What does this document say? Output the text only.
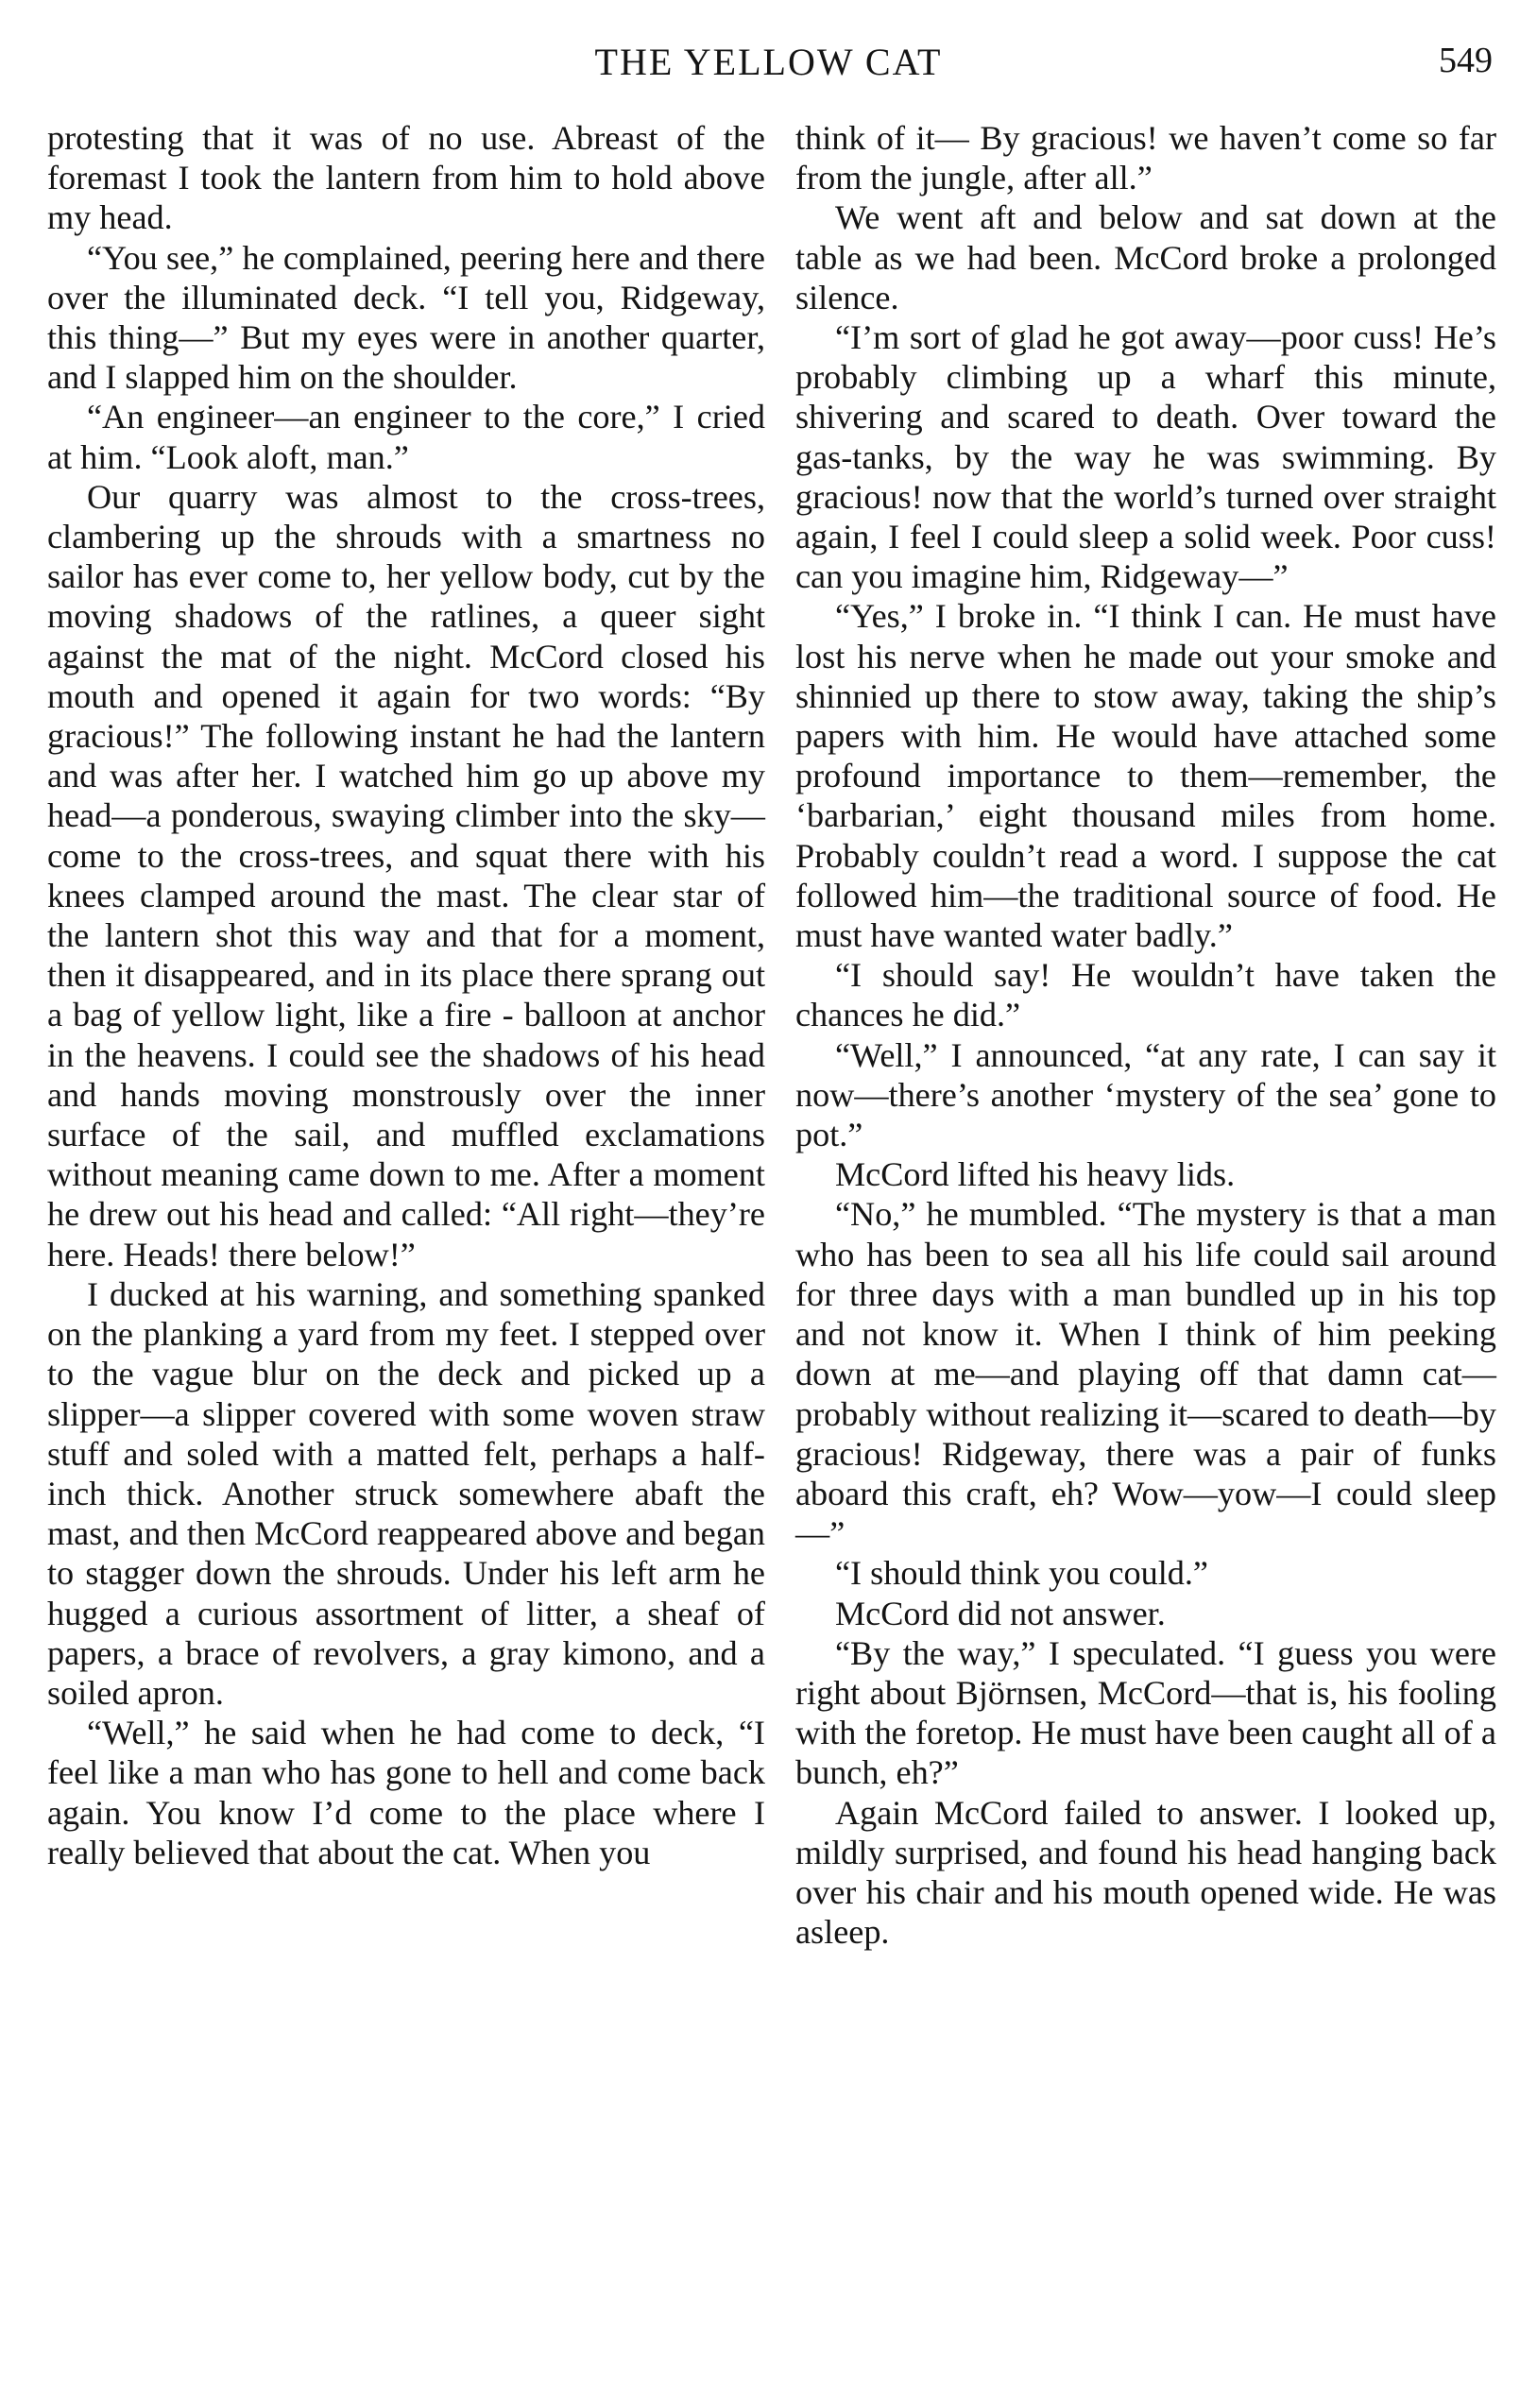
THE YELLOW CAT	549

protesting that it was of no use. Abreast of the foremast I took the lantern from him to hold above my head.

“You see,” he complained, peering here and there over the illuminated deck. “I tell you, Ridgeway, this thing—” But my eyes were in another quarter, and I slapped him on the shoulder.

“An engineer—an engineer to the core,” I cried at him. “Look aloft, man.”

Our quarry was almost to the cross-trees, clambering up the shrouds with a smartness no sailor has ever come to, her yellow body, cut by the moving shadows of the ratlines, a queer sight against the mat of the night. McCord closed his mouth and opened it again for two words: “By gracious!” The following instant he had the lantern and was after her. I watched him go up above my head—a ponderous, swaying climber into the sky—come to the cross-trees, and squat there with his knees clamped around the mast. The clear star of the lantern shot this way and that for a moment, then it disappeared, and in its place there sprang out a bag of yellow light, like a fire - balloon at anchor in the heavens. I could see the shadows of his head and hands moving monstrously over the inner surface of the sail, and muffled exclamations without meaning came down to me. After a moment he drew out his head and called: “All right—they’re here. Heads! there below!”

I ducked at his warning, and something spanked on the planking a yard from my feet. I stepped over to the vague blur on the deck and picked up a slipper—a slipper covered with some woven straw stuff and soled with a matted felt, perhaps a half-inch thick. Another struck somewhere abaft the mast, and then McCord reappeared above and began to stagger down the shrouds. Under his left arm he hugged a curious assortment of litter, a sheaf of papers, a brace of revolvers, a gray kimono, and a soiled apron.

“Well,” he said when he had come to deck, “I feel like a man who has gone to hell and come back again. You know I’d come to the place where I really believed that about the cat. When you

think of it— By gracious! we haven’t come so far from the jungle, after all.”

We went aft and below and sat down at the table as we had been. McCord broke a prolonged silence.

“I’m sort of glad he got away—poor cuss! He’s probably climbing up a wharf this minute, shivering and scared to death. Over toward the gas-tanks, by the way he was swimming. By gracious! now that the world’s turned over straight again, I feel I could sleep a solid week. Poor cuss! can you imagine him, Ridgeway—”

“Yes,” I broke in. “I think I can. He must have lost his nerve when he made out your smoke and shinnied up there to stow away, taking the ship’s papers with him. He would have attached some profound importance to them—remember, the ‘barbarian,’ eight thousand miles from home. Probably couldn’t read a word. I suppose the cat followed him—the traditional source of food. He must have wanted water badly.”

“I should say! He wouldn’t have taken the chances he did.”

“Well,” I announced, “at any rate, I can say it now—there’s another ‘mystery of the sea’ gone to pot.”

McCord lifted his heavy lids.

“No,” he mumbled. “The mystery is that a man who has been to sea all his life could sail around for three days with a man bundled up in his top and not know it. When I think of him peeking down at me—and playing off that damn cat—probably without realizing it—scared to death—by gracious! Ridgeway, there was a pair of funks aboard this craft, eh? Wow—yow—I could sleep—”

“I should think you could.”

McCord did not answer.

“By the way,” I speculated. “I guess you were right about Björnsen, McCord—that is, his fooling with the foretop. He must have been caught all of a bunch, eh?”

Again McCord failed to answer. I looked up, mildly surprised, and found his head hanging back over his chair and his mouth opened wide. He was asleep.
